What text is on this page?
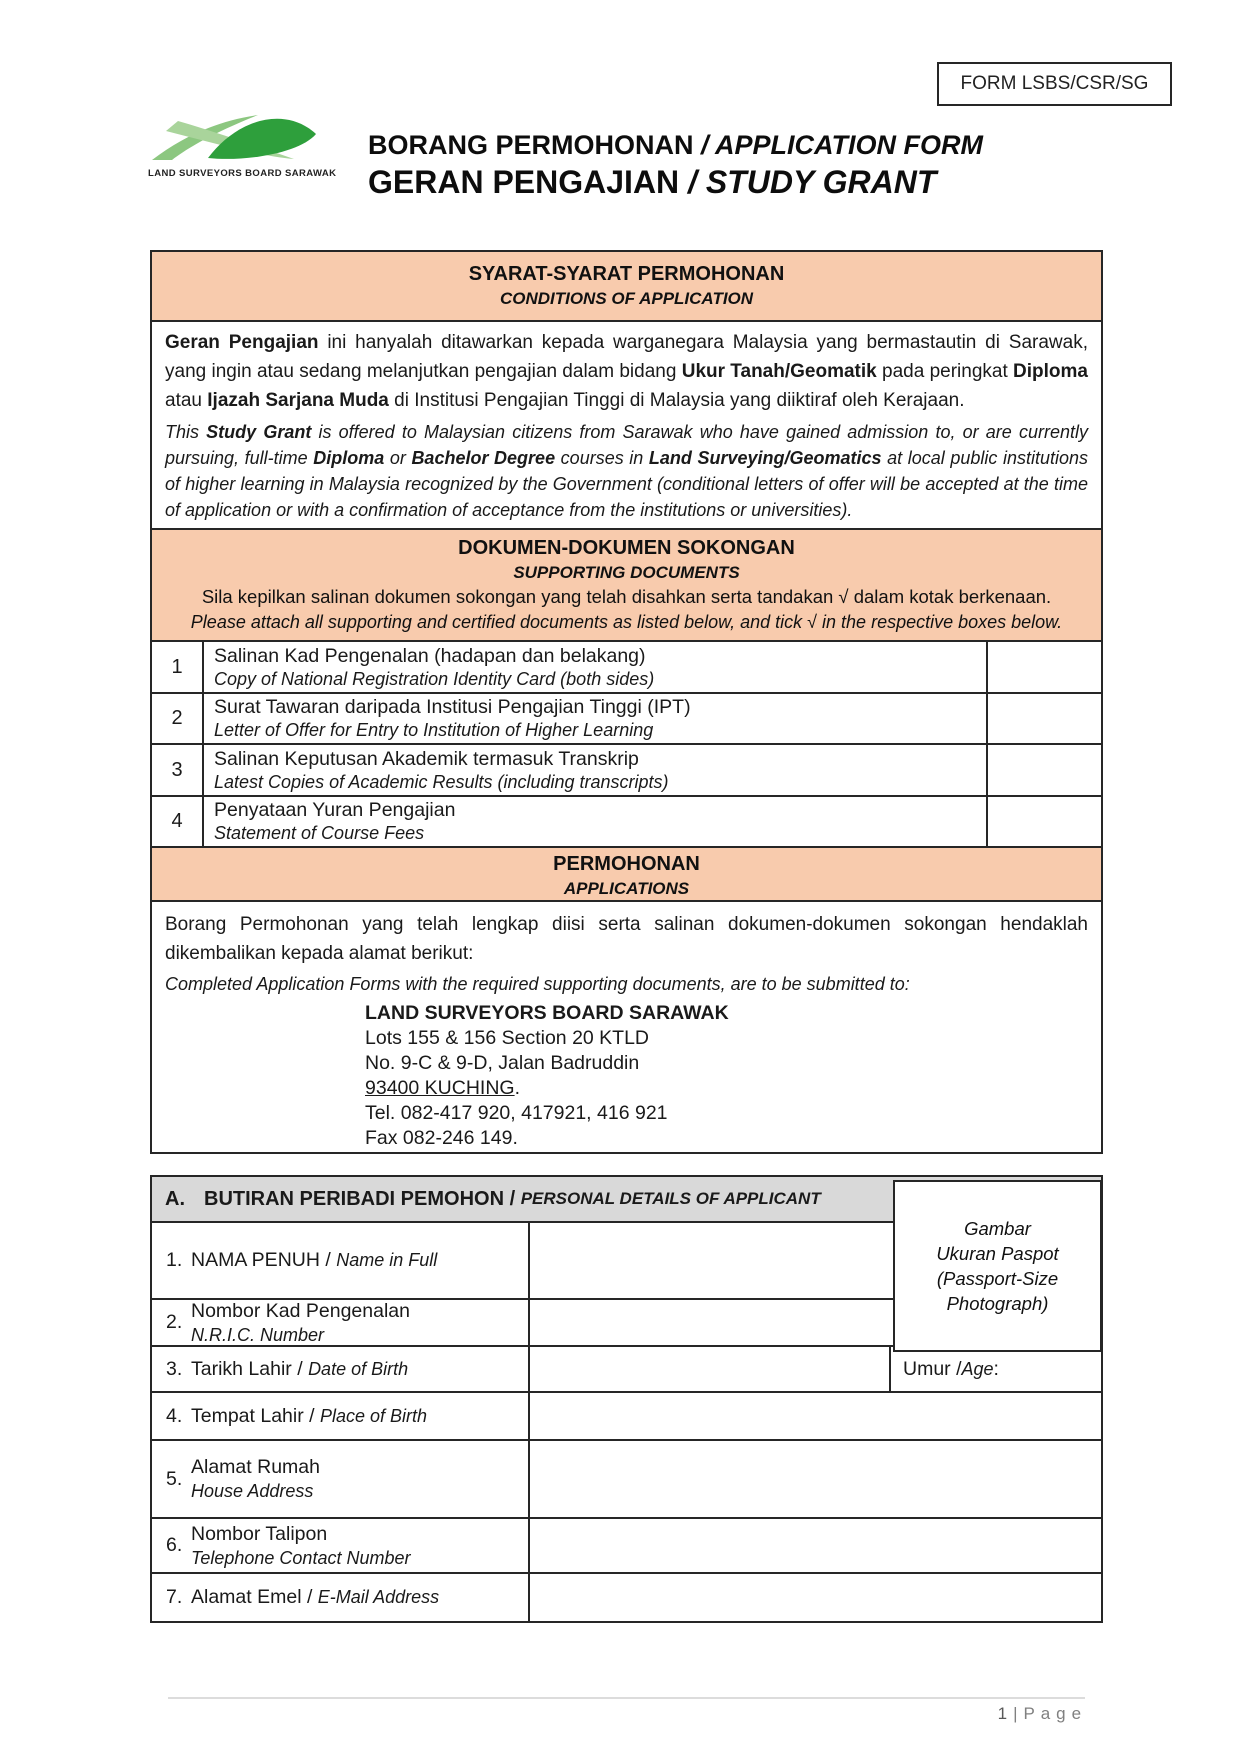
FORM LSBS/CSR/SG
LAND SURVEYORS BOARD SARAWAK
BORANG PERMOHONAN / APPLICATION FORM
GERAN PENGAJIAN / STUDY GRANT
SYARAT-SYARAT PERMOHONAN
CONDITIONS OF APPLICATION

Geran Pengajian ini hanyalah ditawarkan kepada warganegara Malaysia yang bermastautin di Sarawak, yang ingin atau sedang melanjutkan pengajian dalam bidang Ukur Tanah/Geomatik pada peringkat Diploma atau Ijazah Sarjana Muda di Institusi Pengajian Tinggi di Malaysia yang diiktiraf oleh Kerajaan.

This Study Grant is offered to Malaysian citizens from Sarawak who have gained admission to, or are currently pursuing, full-time Diploma or Bachelor Degree courses in Land Surveying/Geomatics at local public institutions of higher learning in Malaysia recognized by the Government (conditional letters of offer will be accepted at the time of application or with a confirmation of acceptance from the institutions or universities).

DOKUMEN-DOKUMEN SOKONGAN
SUPPORTING DOCUMENTS
Sila kepilkan salinan dokumen sokongan yang telah disahkan serta tandakan √ dalam kotak berkenaan.
Please attach all supporting and certified documents as listed below, and tick √ in the respective boxes below.
1	Salinan Kad Pengenalan (hadapan dan belakang)
Copy of National Registration Identity Card (both sides)
2	Surat Tawaran daripada Institusi Pengajian Tinggi (IPT)
Letter of Offer for Entry to Institution of Higher Learning
3	Salinan Keputusan Akademik termasuk Transkrip
Latest Copies of Academic Results (including transcripts)
4	Penyataan Yuran Pengajian
Statement of Course Fees
PERMOHONAN
APPLICATIONS

Borang Permohonan yang telah lengkap diisi serta salinan dokumen-dokumen sokongan hendaklah dikembalikan kepada alamat berikut:

Completed Application Forms with the required supporting documents, are to be submitted to:

LAND SURVEYORS BOARD SARAWAK
Lots 155 & 156 Section 20 KTLD
No. 9-C & 9-D, Jalan Badruddin
93400 KUCHING.
Tel. 082-417 920, 417921, 416 921
Fax 082-246 149.
A. BUTIRAN PERIBADI PEMOHON / PERSONAL DETAILS OF APPLICANT
1. NAMA PENUH / Name in Full
2.
Nombor Kad Pengenalan
N.R.I.C. Number
3. Tarikh Lahir / Date of Birth	Umur / Age :
4. Tempat Lahir / Place of Birth
5.
Alamat Rumah
House Address
6.
Nombor Talipon
Telephone Contact Number
7. Alamat Emel / E-Mail Address
Gambar
Ukuran Paspot
(Passport-Size
Photograph)
1 | Page
